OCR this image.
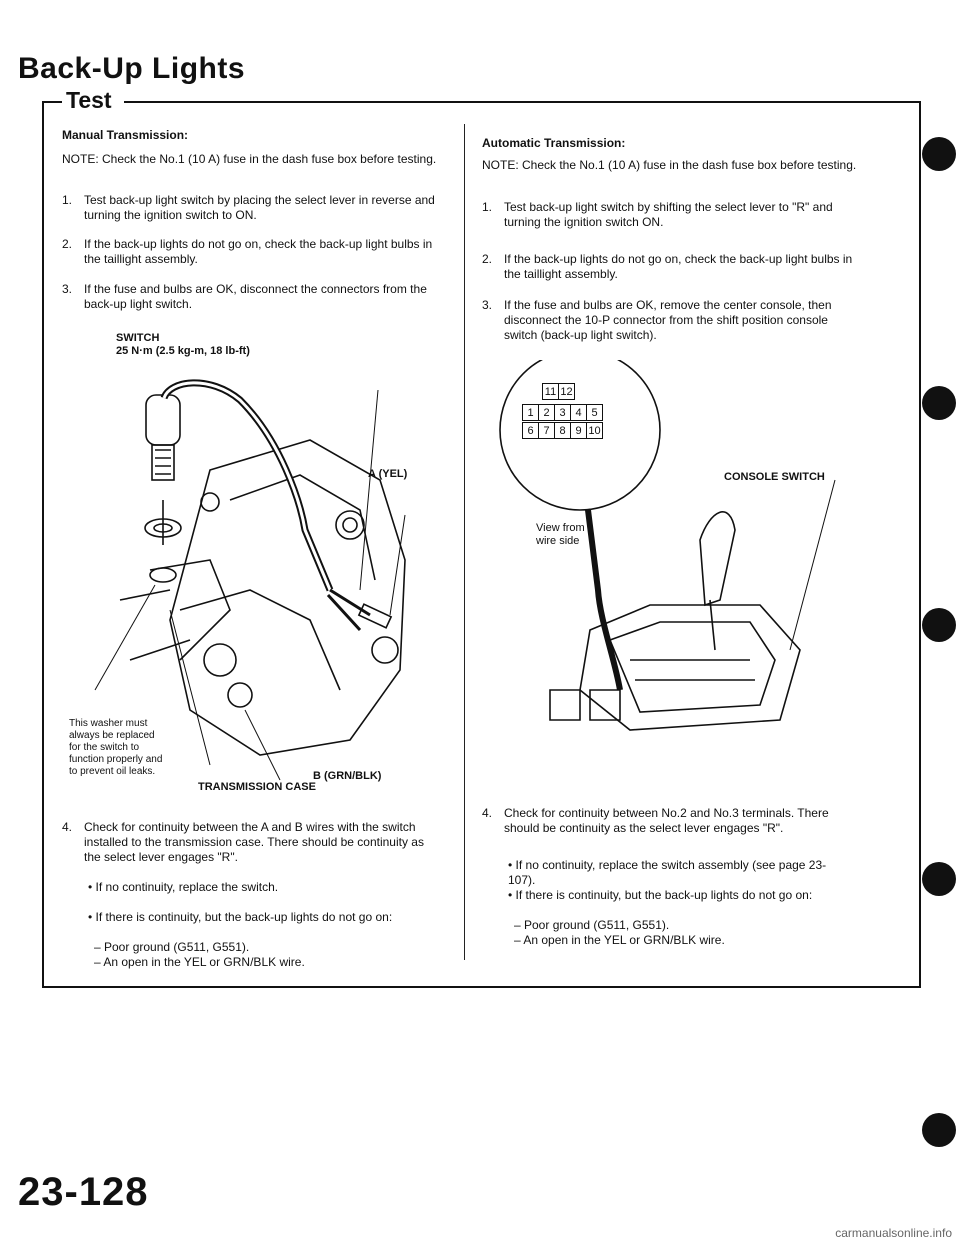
Back-Up Lights
Test
Manual Transmission:
NOTE: Check the No.1 (10 A) fuse in the dash fuse box before testing.
1. Test back-up light switch by placing the select lever in reverse and turning the ignition switch to ON.
2. If the back-up lights do not go on, check the back-up light bulbs in the taillight assembly.
3. If the fuse and bulbs are OK, disconnect the connectors from the back-up light switch.
SWITCH
25 N·m (2.5 kg-m, 18 lb-ft)
A (YEL)
B (GRN/BLK)
TRANSMISSION CASE
This washer must always be replaced for the switch to function properly and to prevent oil leaks.
4. Check for continuity between the A and B wires with the switch installed to the transmission case. There should be continuity as the select lever engages "R".
• If no continuity, replace the switch.
• If there is continuity, but the back-up lights do not go on:
– Poor ground (G511, G551).
– An open in the YEL or GRN/BLK wire.
Automatic Transmission:
NOTE: Check the No.1 (10 A) fuse in the dash fuse box before testing.
1. Test back-up light switch by shifting the select lever to "R" and turning the ignition switch ON.
2. If the back-up lights do not go on, check the back-up light bulbs in the taillight assembly.
3. If the fuse and bulbs are OK, remove the center console, then disconnect the 10-P connector from the shift position console switch (back-up light switch).
11	12
1	2	3	4	5
6	7	8	9	10
CONSOLE SWITCH
View from wire side
4. Check for continuity between No.2 and No.3 terminals. There should be continuity as the select lever engages "R".
• If no continuity, replace the switch assembly (see page 23-107).
• If there is continuity, but the back-up lights do not go on:
– Poor ground (G511, G551).
– An open in the YEL or GRN/BLK wire.
23-128
carmanualsonline.info
